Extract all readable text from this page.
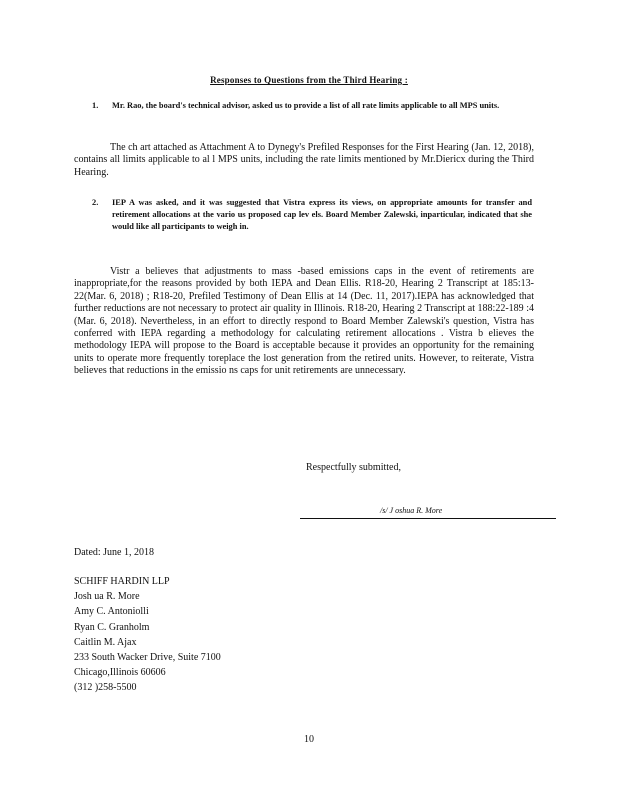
Responses to Questions from the Third Hearing :
1. Mr. Rao, the board's technical advisor, asked us to provide a list of all rate limits applicable to all MPS units.
The ch art attached as Attachment A to Dynegy's Prefiled Responses for the First Hearing (Jan. 12, 2018), contains all limits applicable to al l MPS units, including the rate limits mentioned by Mr.Diericx during the Third Hearing.
2. IEP A was asked, and it was suggested that Vistra express its views, on appropriate amounts for transfer and retirement allocations at the vario us proposed cap lev els. Board Member Zalewski, inparticular, indicated that she would like all participants to weigh in.
Vistr a believes that adjustments to mass -based emissions caps in the event of retirements are inappropriate,for the reasons provided by both IEPA and Dean Ellis. R18-20, Hearing 2 Transcript at 185:13-22(Mar. 6, 2018) ; R18-20, Prefiled Testimony of Dean Ellis at 14 (Dec. 11, 2017).IEPA has acknowledged that further reductions are not necessary to protect air quality in Illinois. R18-20, Hearing 2 Transcript at 188:22-189 :4 (Mar. 6, 2018). Nevertheless, in an effort to directly respond to Board Member Zalewski's question, Vistra has conferred with IEPA regarding a methodology for calculating retirement allocations . Vistra b elieves the methodology IEPA will propose to the Board is acceptable because it provides an opportunity for the remaining units to operate more frequently toreplace the lost generation from the retired units. However, to reiterate, Vistra believes that reductions in the emissio ns caps for unit retirements are unnecessary.
Respectfully submitted,
/s/ J oshua R. More
Dated: June 1, 2018
SCHIFF HARDIN LLP
Josh ua R. More
Amy C. Antoniolli
Ryan C. Granholm
Caitlin M. Ajax
233 South Wacker Drive, Suite 7100
Chicago,Illinois 60606
(312 )258-5500
10
